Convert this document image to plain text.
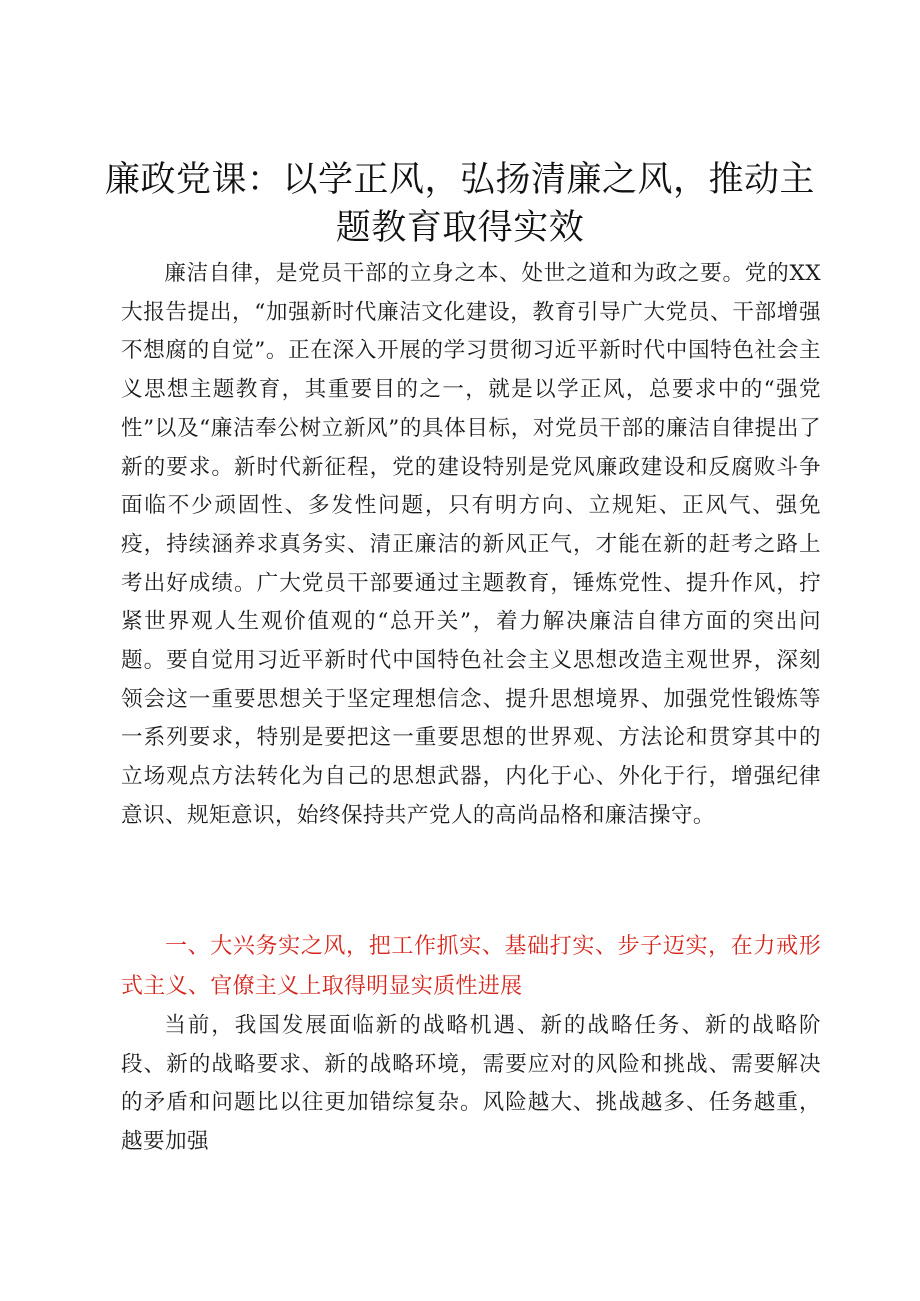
廉政党课：以学正风，弘扬清廉之风，推动主题教育取得实效

廉洁自律，是党员干部的立身之本、处世之道和为政之要。党的XX大报告提出，“加强新时代廉洁文化建设，教育引导广大党员、干部增强不想腐的自觉”。正在深入开展的学习贯彻习近平新时代中国特色社会主义思想主题教育，其重要目的之一，就是以学正风，总要求中的“强党性”以及“廉洁奉公树立新风”的具体目标，对党员干部的廉洁自律提出了新的要求。新时代新征程，党的建设特别是党风廉政建设和反腐败斗争面临不少顽固性、多发性问题，只有明方向、立规矩、正风气、强免疫，持续涵养求真务实、清正廉洁的新风正气，才能在新的赶考之路上考出好成绩。广大党员干部要通过主题教育，锤炼党性、提升作风，拧紧世界观人生观价值观的“总开关”，着力解决廉洁自律方面的突出问题。要自觉用习近平新时代中国特色社会主义思想改造主观世界，深刻领会这一重要思想关于坚定理想信念、提升思想境界、加强党性锻炼等一系列要求，特别是要把这一重要思想的世界观、方法论和贯穿其中的立场观点方法转化为自己的思想武器，内化于心、外化于行，增强纪律意识、规矩意识，始终保持共产党人的高尚品格和廉洁操守。

一、大兴务实之风，把工作抓实、基础打实、步子迈实，在力戒形式主义、官僚主义上取得明显实质性进展

当前，我国发展面临新的战略机遇、新的战略任务、新的战略阶段、新的战略要求、新的战略环境，需要应对的风险和挑战、需要解决的矛盾和问题比以往更加错综复杂。风险越大、挑战越多、任务越重，越要加强
